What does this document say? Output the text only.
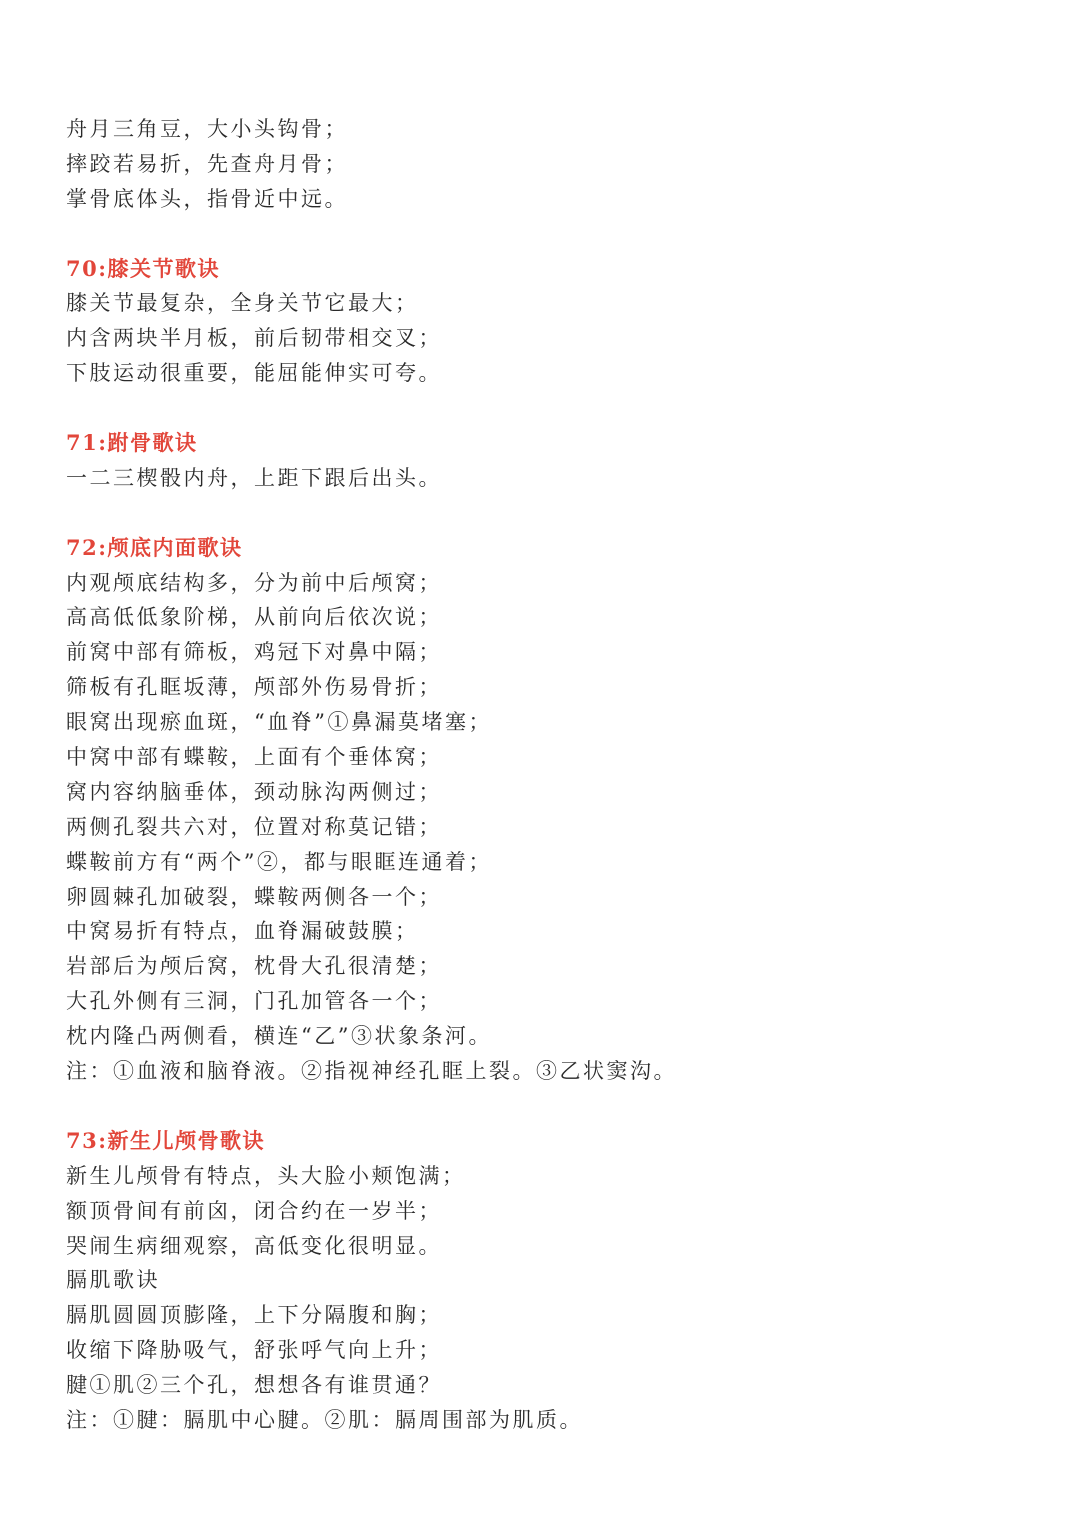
舟月三角豆，大小头钩骨；
摔跤若易折，先查舟月骨；
掌骨底体头，指骨近中远。
70:膝关节歌诀
膝关节最复杂，全身关节它最大；
内含两块半月板，前后韧带相交叉；
下肢运动很重要，能屈能伸实可夸。
71:跗骨歌诀
一二三楔骰内舟，上距下跟后出头。
72:颅底内面歌诀
内观颅底结构多，分为前中后颅窝；
高高低低象阶梯，从前向后依次说；
前窝中部有筛板，鸡冠下对鼻中隔；
筛板有孔眶坂薄，颅部外伤易骨折；
眼窝出现瘀血斑，“血脊”①鼻漏莫堵塞；
中窝中部有蝶鞍，上面有个垂体窝；
窝内容纳脑垂体，颈动脉沟两侧过；
两侧孔裂共六对，位置对称莫记错；
蝶鞍前方有“两个”②，都与眼眶连通着；
卵圆棘孔加破裂，蝶鞍两侧各一个；
中窝易折有特点，血脊漏破鼓膜；
岩部后为颅后窝，枕骨大孔很清楚；
大孔外侧有三洞，门孔加管各一个；
枕内隆凸两侧看，横连“乙”③状象条河。
注：①血液和脑脊液。②指视神经孔眶上裂。③乙状窦沟。
73:新生儿颅骨歌诀
新生儿颅骨有特点，头大脸小颊饱满；
额顶骨间有前囟，闭合约在一岁半；
哭闹生病细观察，高低变化很明显。
膈肌歌诀
膈肌圆圆顶膨隆，上下分隔腹和胸；
收缩下降胁吸气，舒张呼气向上升；
腱①肌②三个孔，想想各有谁贯通？
注：①腱：膈肌中心腱。②肌：膈周围部为肌质。
